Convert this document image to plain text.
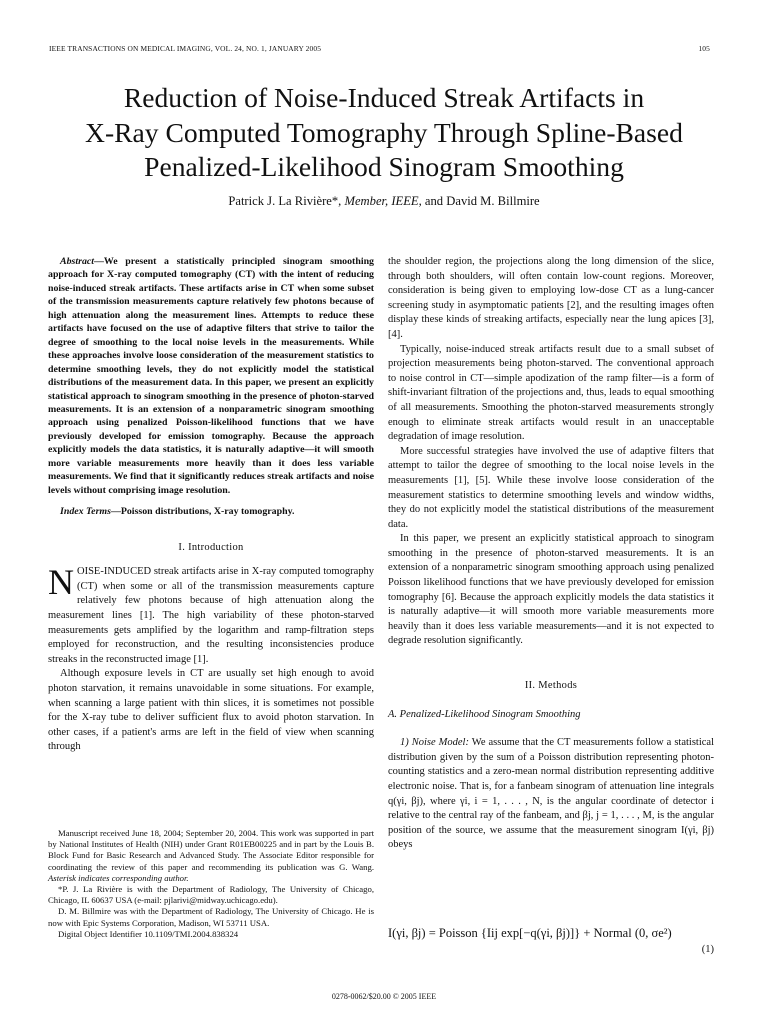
IEEE TRANSACTIONS ON MEDICAL IMAGING, VOL. 24, NO. 1, JANUARY 2005	105
Reduction of Noise-Induced Streak Artifacts in
X-Ray Computed Tomography Through Spline-Based
Penalized-Likelihood Sinogram Smoothing
Patrick J. La Rivière*, Member, IEEE, and David M. Billmire

Abstract—We present a statistically principled sinogram smoothing approach for X-ray computed tomography (CT) with the intent of reducing noise-induced streak artifacts. These artifacts arise in CT when some subset of the transmission measurements capture relatively few photons because of high attenuation along the measurement lines. Attempts to reduce these artifacts have focused on the use of adaptive filters that strive to tailor the degree of smoothing to the local noise levels in the measurements. While these approaches involve loose consideration of the measurement statistics to determine smoothing levels, they do not explicitly model the statistical distributions of the measurement data. In this paper, we present an explicitly statistical approach to sinogram smoothing in the presence of photon-starved measurements. It is an extension of a nonparametric sinogram smoothing approach using penalized Poisson-likelihood functions that we have previously developed for emission tomography. Because the approach explicitly models the data statistics, it is naturally adaptive—it will smooth more variable measurements more heavily than it does less variable measurements. We find that it significantly reduces streak artifacts and noise levels without comprising image resolution.

Index Terms—Poisson distributions, X-ray tomography.

I. Introduction

NOISE-INDUCED streak artifacts arise in X-ray computed tomography (CT) when some or all of the transmission measurements capture relatively few photons because of high attenuation along the measurement lines [1]. The high variability of these photon-starved measurements gets amplified by the logarithm and ramp-filtration steps employed for reconstruction, and the resulting inconsistencies produce streaks in the reconstructed image [1].

Although exposure levels in CT are usually set high enough to avoid photon starvation, it remains unavoidable in some situations. For example, when scanning a large patient with thin slices, it is sometimes not possible for the X-ray tube to deliver sufficient flux to avoid photon starvation. In other cases, if a patient's arms are left in the field of view when scanning through

Manuscript received June 18, 2004; September 20, 2004. This work was supported in part by National Institutes of Health (NIH) under Grant R01EB00225 and in part by the Louis B. Block Fund for Basic Research and Advanced Study. The Associate Editor responsible for coordinating the review of this paper and recommending its publication was G. Wang. Asterisk indicates corresponding author.

*P. J. La Rivière is with the Department of Radiology, The University of Chicago, Chicago, IL 60637 USA (e-mail: pjlarivi@midway.uchicago.edu).

D. M. Billmire was with the Department of Radiology, The University of Chicago. He is now with Epic Systems Corporation, Madison, WI 53711 USA.

Digital Object Identifier 10.1109/TMI.2004.838324

the shoulder region, the projections along the long dimension of the slice, through both shoulders, will often contain low-count regions. Moreover, consideration is being given to employing low-dose CT as a lung-cancer screening study in asymptomatic patients [2], and the resulting images often display these kinds of streaking artifacts, especially near the lung apices [3], [4].

Typically, noise-induced streak artifacts result due to a small subset of projection measurements being photon-starved. The conventional approach to noise control in CT—simple apodization of the ramp filter—is a form of shift-invariant filtration of the projections and, thus, leads to equal smoothing of all measurements. Smoothing the photon-starved measurements strongly enough to eliminate streak artifacts would result in an unacceptable degradation of image resolution.

More successful strategies have involved the use of adaptive filters that attempt to tailor the degree of smoothing to the local noise levels in the measurements [1], [5]. While these involve loose consideration of the measurement statistics to determine smoothing levels and window widths, they do not explicitly model the statistical distributions of the measurement data.

In this paper, we present an explicitly statistical approach to sinogram smoothing in the presence of photon-starved measurements. It is an extension of a nonparametric sinogram smoothing approach using penalized Poisson likelihood functions that we have previously developed for emission tomography [6]. Because the approach explicitly models the data statistics it is naturally adaptive—it will smooth more variable measurements more heavily than it does less variable measurements—and it is not expected to degrade resolution significantly.

II. Methods

A. Penalized-Likelihood Sinogram Smoothing

1) Noise Model: We assume that the CT measurements follow a statistical distribution given by the sum of a Poisson distribution representing photon-counting statistics and a zero-mean normal distribution representing additive electronic noise. That is, for a fanbeam sinogram of attenuation line integrals q(γi, βj), where γi, i = 1, . . . , N, is the angular coordinate of detector i relative to the central ray of the fanbeam, and βj, j = 1, . . . , M, is the angular position of the source, we assume that the measurement sinogram I(γi, βj) obeys

I(γi, βj) = Poisson {Iij exp[−q(γi, βj)]} + Normal (0, σe²)
(1)
0278-0062/$20.00 © 2005 IEEE
